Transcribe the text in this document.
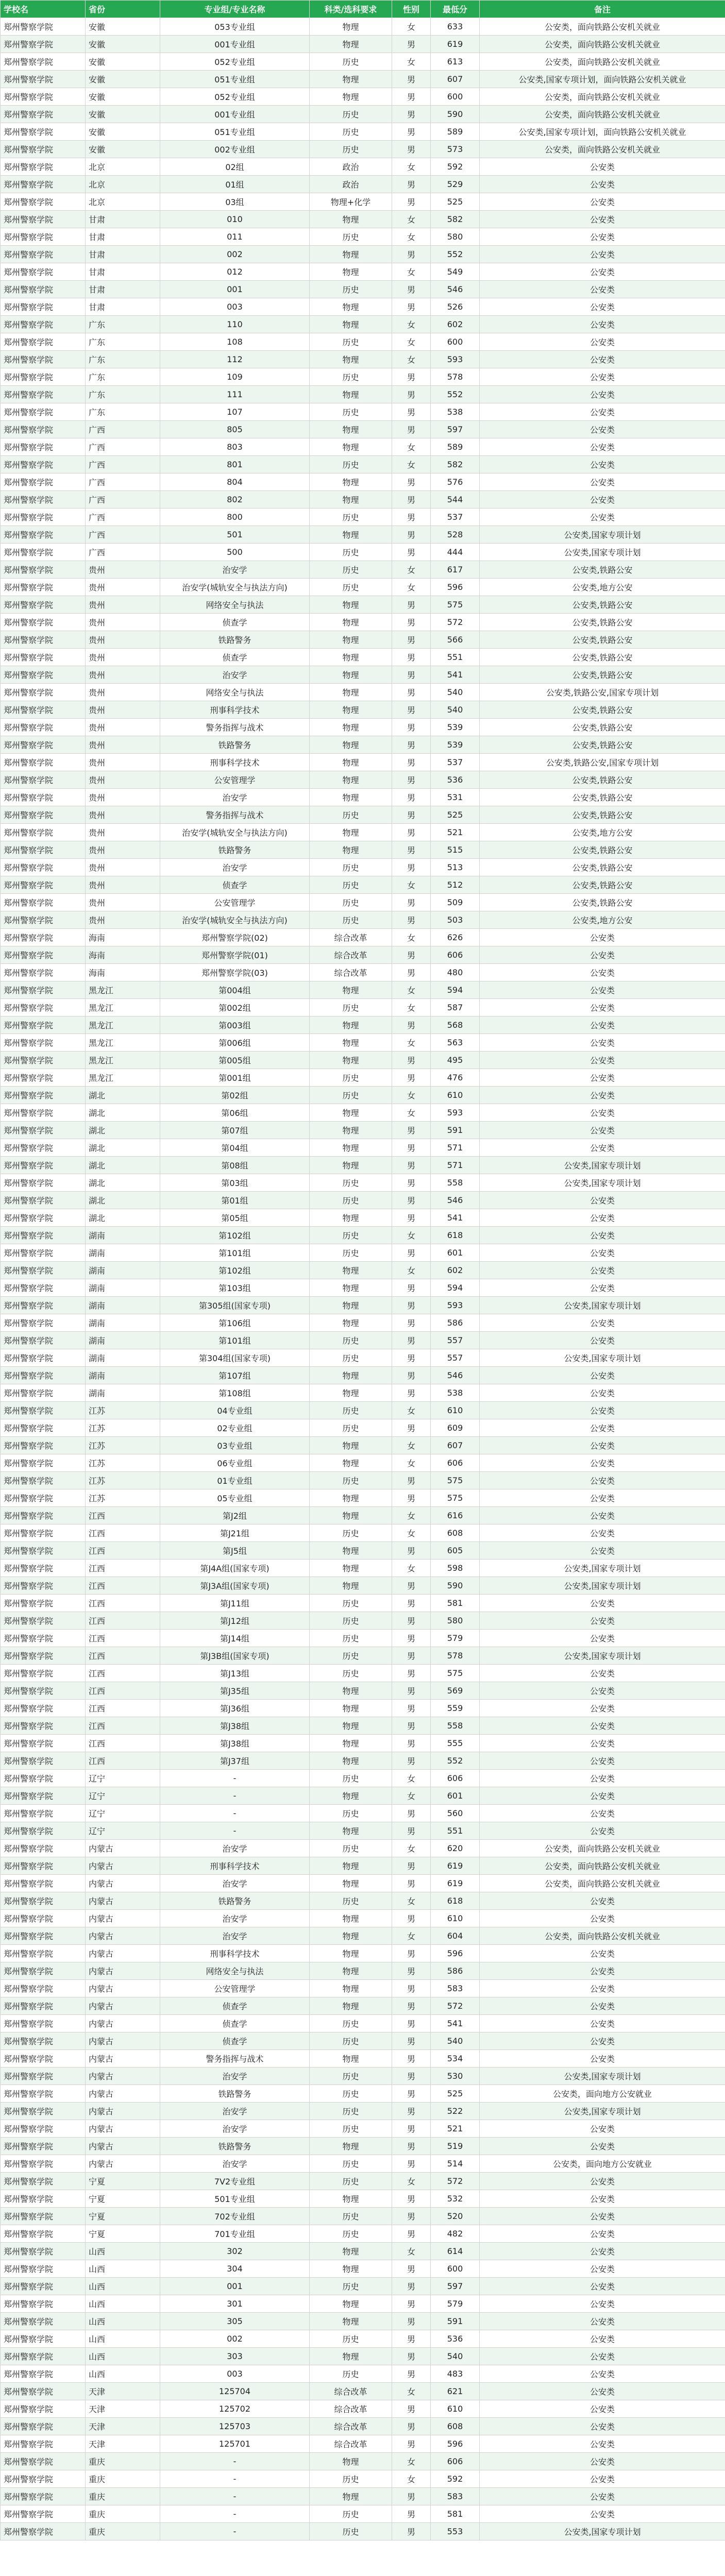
学校名	省份	专业组/专业名称	科类/选科要求	性别	最低分	备注
郑州警察学院	安徽	053专业组	物理	女	633	公安类，面向铁路公安机关就业
郑州警察学院	安徽	001专业组	物理	男	619	公安类，面向铁路公安机关就业
郑州警察学院	安徽	052专业组	历史	女	613	公安类，面向铁路公安机关就业
郑州警察学院	安徽	051专业组	物理	男	607	公安类,国家专项计划，面向铁路公安机关就业
郑州警察学院	安徽	052专业组	物理	男	600	公安类，面向铁路公安机关就业
郑州警察学院	安徽	001专业组	历史	男	590	公安类，面向铁路公安机关就业
郑州警察学院	安徽	051专业组	历史	男	589	公安类,国家专项计划，面向铁路公安机关就业
郑州警察学院	安徽	002专业组	历史	男	573	公安类，面向铁路公安机关就业
郑州警察学院	北京	02组	政治	女	592	公安类
郑州警察学院	北京	01组	政治	男	529	公安类
郑州警察学院	北京	03组	物理+化学	男	525	公安类
郑州警察学院	甘肃	010	物理	女	582	公安类
郑州警察学院	甘肃	011	历史	女	580	公安类
郑州警察学院	甘肃	002	物理	男	552	公安类
郑州警察学院	甘肃	012	物理	女	549	公安类
郑州警察学院	甘肃	001	历史	男	546	公安类
郑州警察学院	甘肃	003	物理	男	526	公安类
郑州警察学院	广东	110	物理	女	602	公安类
郑州警察学院	广东	108	历史	女	600	公安类
郑州警察学院	广东	112	物理	女	593	公安类
郑州警察学院	广东	109	历史	男	578	公安类
郑州警察学院	广东	111	物理	男	552	公安类
郑州警察学院	广东	107	历史	男	538	公安类
郑州警察学院	广西	805	物理	男	597	公安类
郑州警察学院	广西	803	物理	女	589	公安类
郑州警察学院	广西	801	历史	女	582	公安类
郑州警察学院	广西	804	物理	男	576	公安类
郑州警察学院	广西	802	物理	男	544	公安类
郑州警察学院	广西	800	历史	男	537	公安类
郑州警察学院	广西	501	物理	男	528	公安类,国家专项计划
郑州警察学院	广西	500	历史	男	444	公安类,国家专项计划
郑州警察学院	贵州	治安学	历史	女	617	公安类,铁路公安
郑州警察学院	贵州	治安学(城轨安全与执法方向)	历史	女	596	公安类,地方公安
郑州警察学院	贵州	网络安全与执法	物理	男	575	公安类,铁路公安
郑州警察学院	贵州	侦查学	物理	男	572	公安类,铁路公安
郑州警察学院	贵州	铁路警务	物理	男	566	公安类,铁路公安
郑州警察学院	贵州	侦查学	物理	男	551	公安类,铁路公安
郑州警察学院	贵州	治安学	物理	男	541	公安类,铁路公安
郑州警察学院	贵州	网络安全与执法	物理	男	540	公安类,铁路公安,国家专项计划
郑州警察学院	贵州	刑事科学技术	物理	男	540	公安类,铁路公安
郑州警察学院	贵州	警务指挥与战术	物理	男	539	公安类,铁路公安
郑州警察学院	贵州	铁路警务	物理	男	539	公安类,铁路公安
郑州警察学院	贵州	刑事科学技术	物理	男	537	公安类,铁路公安,国家专项计划
郑州警察学院	贵州	公安管理学	物理	男	536	公安类,铁路公安
郑州警察学院	贵州	治安学	物理	男	531	公安类,铁路公安
郑州警察学院	贵州	警务指挥与战术	历史	男	525	公安类,铁路公安
郑州警察学院	贵州	治安学(城轨安全与执法方向)	物理	男	521	公安类,地方公安
郑州警察学院	贵州	铁路警务	物理	男	515	公安类,铁路公安
郑州警察学院	贵州	治安学	历史	男	513	公安类,铁路公安
郑州警察学院	贵州	侦查学	历史	女	512	公安类,铁路公安
郑州警察学院	贵州	公安管理学	历史	男	509	公安类,铁路公安
郑州警察学院	贵州	治安学(城轨安全与执法方向)	历史	男	503	公安类,地方公安
郑州警察学院	海南	郑州警察学院(02)	综合改革	女	626	公安类
郑州警察学院	海南	郑州警察学院(01)	综合改革	男	606	公安类
郑州警察学院	海南	郑州警察学院(03)	综合改革	男	480	公安类
郑州警察学院	黑龙江	第004组	物理	女	594	公安类
郑州警察学院	黑龙江	第002组	历史	女	587	公安类
郑州警察学院	黑龙江	第003组	物理	男	568	公安类
郑州警察学院	黑龙江	第006组	物理	女	563	公安类
郑州警察学院	黑龙江	第005组	物理	男	495	公安类
郑州警察学院	黑龙江	第001组	历史	男	476	公安类
郑州警察学院	湖北	第02组	历史	女	610	公安类
郑州警察学院	湖北	第06组	物理	女	593	公安类
郑州警察学院	湖北	第07组	物理	男	591	公安类
郑州警察学院	湖北	第04组	物理	男	571	公安类
郑州警察学院	湖北	第08组	物理	男	571	公安类,国家专项计划
郑州警察学院	湖北	第03组	历史	男	558	公安类,国家专项计划
郑州警察学院	湖北	第01组	历史	男	546	公安类
郑州警察学院	湖北	第05组	物理	男	541	公安类
郑州警察学院	湖南	第102组	历史	女	618	公安类
郑州警察学院	湖南	第101组	历史	男	601	公安类
郑州警察学院	湖南	第102组	物理	女	602	公安类
郑州警察学院	湖南	第103组	物理	男	594	公安类
郑州警察学院	湖南	第305组(国家专项)	物理	男	593	公安类,国家专项计划
郑州警察学院	湖南	第106组	物理	男	586	公安类
郑州警察学院	湖南	第101组	历史	男	557	公安类
郑州警察学院	湖南	第304组(国家专项)	历史	男	557	公安类,国家专项计划
郑州警察学院	湖南	第107组	物理	男	546	公安类
郑州警察学院	湖南	第108组	物理	男	538	公安类
郑州警察学院	江苏	04专业组	历史	女	610	公安类
郑州警察学院	江苏	02专业组	历史	男	609	公安类
郑州警察学院	江苏	03专业组	物理	女	607	公安类
郑州警察学院	江苏	06专业组	物理	女	606	公安类
郑州警察学院	江苏	01专业组	历史	男	575	公安类
郑州警察学院	江苏	05专业组	物理	男	575	公安类
郑州警察学院	江西	第J2组	物理	女	616	公安类
郑州警察学院	江西	第J21组	历史	女	608	公安类
郑州警察学院	江西	第J5组	物理	男	605	公安类
郑州警察学院	江西	第J4A组(国家专项)	物理	女	598	公安类,国家专项计划
郑州警察学院	江西	第J3A组(国家专项)	物理	男	590	公安类,国家专项计划
郑州警察学院	江西	第J11组	历史	男	581	公安类
郑州警察学院	江西	第J12组	历史	男	580	公安类
郑州警察学院	江西	第J14组	历史	男	579	公安类
郑州警察学院	江西	第J3B组(国家专项)	历史	男	578	公安类,国家专项计划
郑州警察学院	江西	第J13组	历史	男	575	公安类
郑州警察学院	江西	第J35组	物理	男	569	公安类
郑州警察学院	江西	第J36组	物理	男	559	公安类
郑州警察学院	江西	第J38组	物理	男	558	公安类
郑州警察学院	江西	第J38组	物理	男	555	公安类
郑州警察学院	江西	第J37组	物理	男	552	公安类
郑州警察学院	辽宁	-	历史	女	606	公安类
郑州警察学院	辽宁	-	物理	女	601	公安类
郑州警察学院	辽宁	-	历史	男	560	公安类
郑州警察学院	辽宁	-	物理	男	551	公安类
郑州警察学院	内蒙古	治安学	历史	女	620	公安类，面向铁路公安机关就业
郑州警察学院	内蒙古	刑事科学技术	物理	男	619	公安类，面向铁路公安机关就业
郑州警察学院	内蒙古	治安学	物理	男	619	公安类，面向铁路公安机关就业
郑州警察学院	内蒙古	铁路警务	历史	女	618	公安类
郑州警察学院	内蒙古	治安学	物理	男	610	公安类
郑州警察学院	内蒙古	治安学	物理	女	604	公安类，面向铁路公安机关就业
郑州警察学院	内蒙古	刑事科学技术	物理	男	596	公安类
郑州警察学院	内蒙古	网络安全与执法	物理	男	586	公安类
郑州警察学院	内蒙古	公安管理学	物理	男	583	公安类
郑州警察学院	内蒙古	侦查学	物理	男	572	公安类
郑州警察学院	内蒙古	侦查学	历史	男	541	公安类
郑州警察学院	内蒙古	侦查学	历史	男	540	公安类
郑州警察学院	内蒙古	警务指挥与战术	物理	男	534	公安类
郑州警察学院	内蒙古	治安学	历史	男	530	公安类,国家专项计划
郑州警察学院	内蒙古	铁路警务	历史	男	525	公安类，面向地方公安就业
郑州警察学院	内蒙古	治安学	历史	男	522	公安类,国家专项计划
郑州警察学院	内蒙古	治安学	历史	男	521	公安类
郑州警察学院	内蒙古	铁路警务	物理	男	519	公安类
郑州警察学院	内蒙古	治安学	历史	男	514	公安类，面向地方公安就业
郑州警察学院	宁夏	7V2专业组	历史	女	572	公安类
郑州警察学院	宁夏	501专业组	物理	男	532	公安类
郑州警察学院	宁夏	702专业组	历史	男	520	公安类
郑州警察学院	宁夏	701专业组	历史	男	482	公安类
郑州警察学院	山西	302	物理	女	614	公安类
郑州警察学院	山西	304	物理	男	600	公安类
郑州警察学院	山西	001	历史	男	597	公安类
郑州警察学院	山西	301	物理	男	579	公安类
郑州警察学院	山西	305	物理	男	591	公安类
郑州警察学院	山西	002	历史	男	536	公安类
郑州警察学院	山西	303	物理	男	540	公安类
郑州警察学院	山西	003	历史	男	483	公安类
郑州警察学院	天津	125704	综合改革	女	621	公安类
郑州警察学院	天津	125702	综合改革	男	610	公安类
郑州警察学院	天津	125703	综合改革	男	608	公安类
郑州警察学院	天津	125701	综合改革	男	596	公安类
郑州警察学院	重庆	-	物理	女	606	公安类
郑州警察学院	重庆	-	历史	女	592	公安类
郑州警察学院	重庆	-	物理	男	583	公安类
郑州警察学院	重庆	-	历史	男	581	公安类
郑州警察学院	重庆	-	历史	男	553	公安类,国家专项计划
